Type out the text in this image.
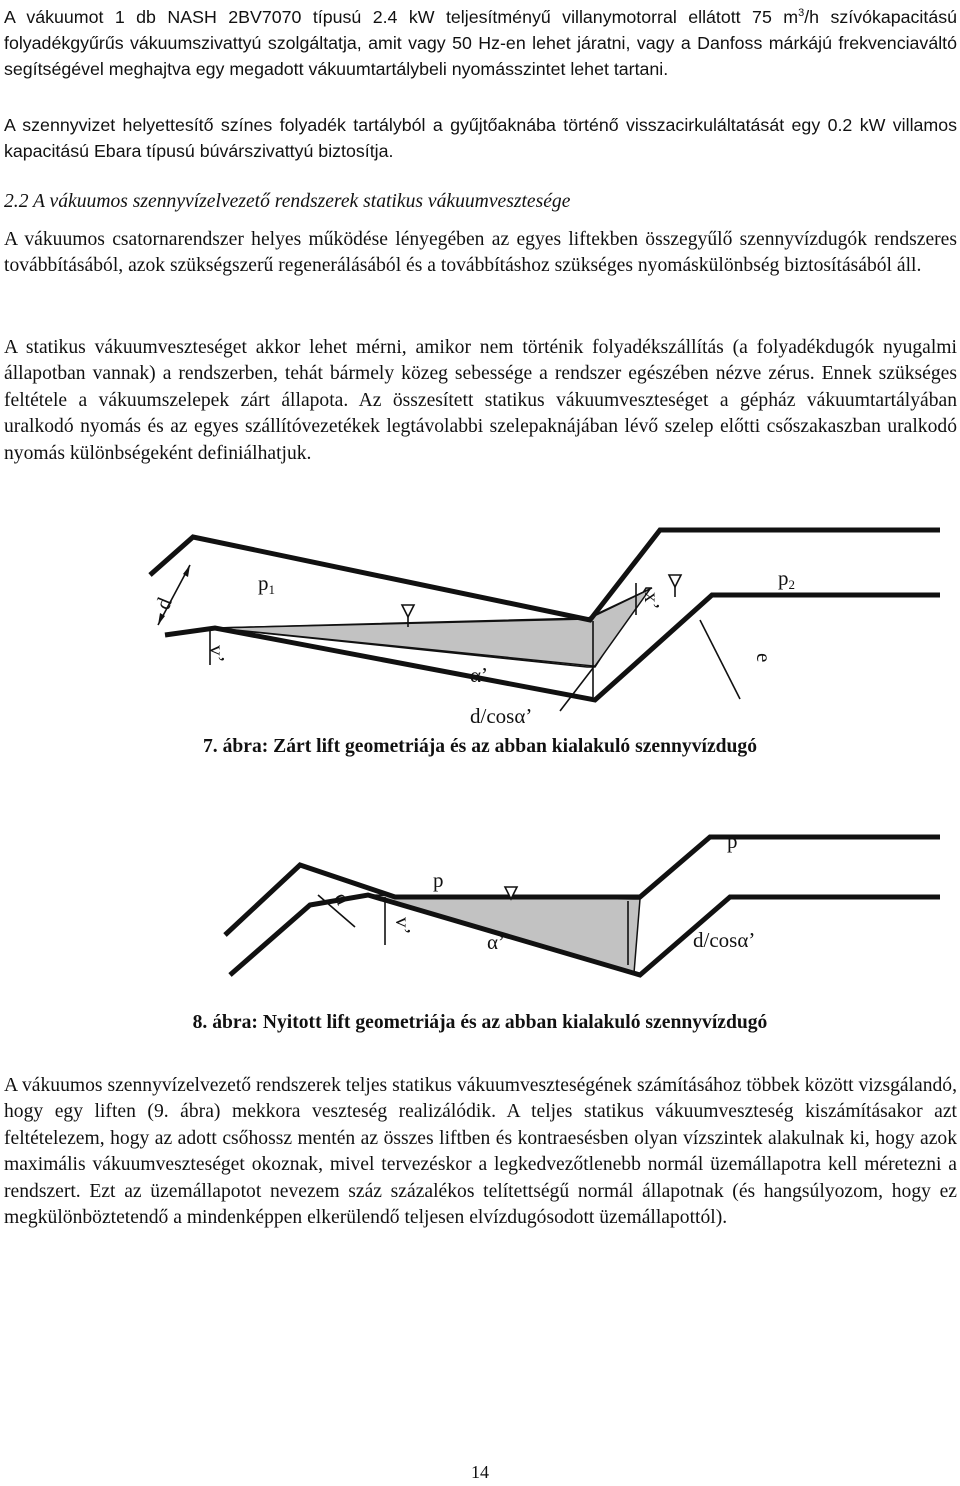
A vákuumot 1 db NASH 2BV7070 típusú 2.4 kW teljesítményű villanymotorral ellátott 75 $m^3/h$ szívókapacitású folyadékgyűrűs vákuumszivattyú szolgáltatja, amit vagy 50 Hz-en lehet járatni, vagy a Danfoss márkájú frekvenciaváltó segítségével meghajtva egy megadott vákuumtartálybeli nyomásszintet lehet tartani.

A szennyvizet helyettesítő színes folyadék tartályból a gyűjtőaknába történő visszacirkuláltatását egy 0.2 kW villamos kapacitású Ebara típusú búvárszivattyú biztosítja.

2.2 A vákuumos szennyvízelvezető rendszerek statikus vákuumvesztesége

A vákuumos csatornarendszer helyes működése lényegében az egyes liftekben összegyűlő szennyvízdugók rendszeres továbbításából, azok szükségszerű regenerálásából és a továbbításhoz szükséges nyomáskülönbség biztosításából áll.

A statikus vákuumveszteséget akkor lehet mérni, amikor nem történik folyadékszállítás (a folyadékdugók nyugalmi állapotban vannak) a rendszerben, tehát bármely közeg sebessége a rendszer egészében nézve zérus. Ennek szükséges feltétele a vákuumszelepek zárt állapota. Az összesített statikus vákuumveszteséget a gépház vákuumtartályában uralkodó nyomás és az egyes szállítóvezetékek legtávolabbi szelepaknájában lévő szelep előtti csőszakaszban uralkodó nyomás különbségeként definiálhatjuk.

d
v’
p1
α’
d/cosα’
x’
p2
e

7. ábra: Zárt lift geometriája és az abban kialakuló szennyvízdugó

d
v’
p
α’	d/cosα’
p

8. ábra: Nyitott lift geometriája és az abban kialakuló szennyvízdugó

A vákuumos szennyvízelvezető rendszerek teljes statikus vákuumveszteségének számításához többek között vizsgálandó, hogy egy liften (9. ábra) mekkora veszteség realizálódik. A teljes statikus vákuumveszteség kiszámításakor azt feltételezem, hogy az adott csőhossz mentén az összes liftben és kontraesésben olyan vízszintek alakulnak ki, hogy azok maximális vákuumveszteséget okoznak, mivel tervezéskor a legkedvezőtlenebb normál üzemállapotra kell méretezni a rendszert. Ezt az üzemállapotot nevezem száz százalékos telítettségű normál állapotnak (és hangsúlyozom, hogy ez megkülönböztetendő a mindenképpen elkerülendő teljesen elvízdugósodott üzemállapottól).

14
